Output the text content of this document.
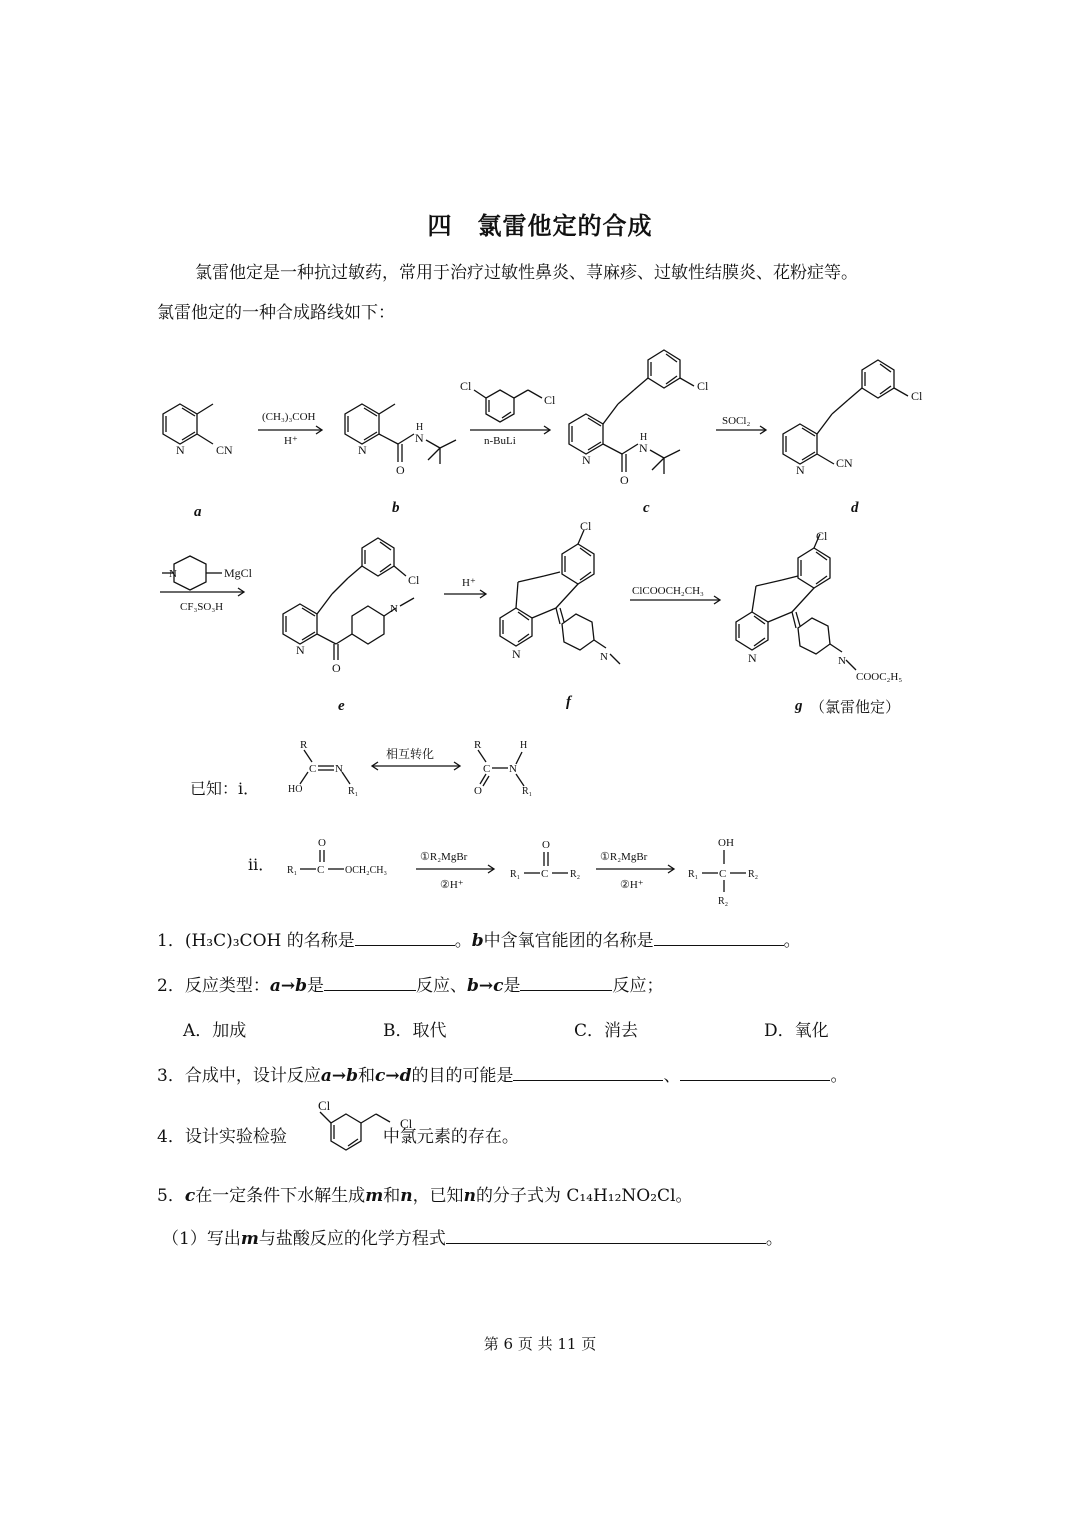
四　氯雷他定的合成
氯雷他定是一种抗过敏药，常用于治疗过敏性鼻炎、荨麻疹、过敏性结膜炎、花粉症等。
氯雷他定的一种合成路线如下：
N	CN
(CH₃)₃COH
H⁺
N
O
N
H
Cl
Cl
n-BuLi
N
O
N
H
Cl
SOCl₂
N	CN
Cl
a	b	c	d
N	MgCl
CF₃SO₃H
N
O
N
Cl	H⁺
N	N
Cl
ClCOOCH₂CH₃
N	N
COOC₂H₅
Cl
e	f	g （氯雷他定）
R
C N
HO	R₁
相互转化
R
C N
O
H
R₁
R₁ C
O
OCH₂CH₃
①R₂MgBr
②H⁺
R₁ C
O
R₂
①R₂MgBr
②H⁺
R₁ C
OH
R₂
R₂
已知：ⅰ．
ⅱ．
1．(H₃C)₃COH 的名称是	。b中含氧官能团的名称是	。
2．反应类型：a→b是	反应、b→c是	反应；
A．加成	B．取代	C．消去	D．氧化
3．合成中，设计反应a→b和c→d的目的可能是	、	。
4．设计实验检验	中氯元素的存在。
Cl
Cl
5．c在一定条件下水解生成m和n，已知n的分子式为 C₁₄H₁₂NO₂Cl。
（1）写出m与盐酸反应的化学方程式	。
第 6 页 共 11 页
